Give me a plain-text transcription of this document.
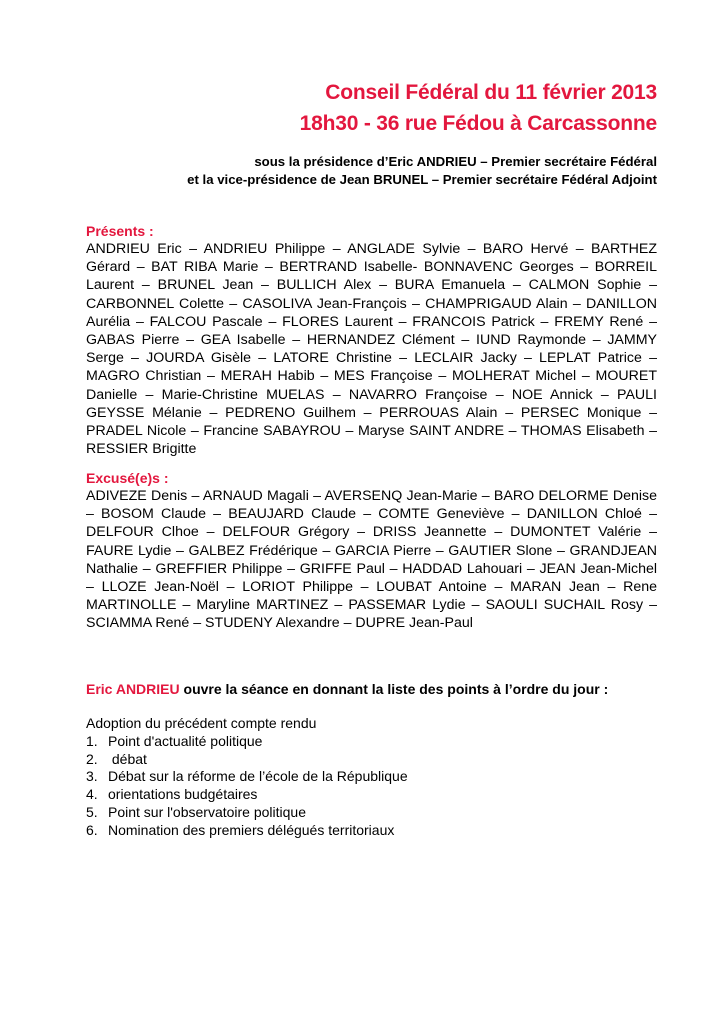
Conseil Fédéral du 11 février 2013
18h30 - 36 rue Fédou à Carcassonne
sous la présidence d’Eric ANDRIEU – Premier secrétaire Fédéral
et la vice-présidence de Jean BRUNEL – Premier secrétaire Fédéral Adjoint
Présents :
ANDRIEU Eric – ANDRIEU Philippe – ANGLADE Sylvie – BARO Hervé – BARTHEZ Gérard – BAT RIBA Marie – BERTRAND Isabelle- BONNAVENC Georges – BORREIL Laurent – BRUNEL Jean – BULLICH Alex – BURA Emanuela – CALMON Sophie – CARBONNEL Colette – CASOLIVA Jean-François – CHAMPRIGAUD Alain – DANILLON Aurélia – FALCOU Pascale – FLORES Laurent – FRANCOIS Patrick – FREMY René – GABAS Pierre – GEA Isabelle – HERNANDEZ Clément – IUND Raymonde – JAMMY Serge – JOURDA Gisèle – LATORE Christine – LECLAIR Jacky – LEPLAT Patrice – MAGRO Christian – MERAH Habib – MES Françoise – MOLHERAT Michel – MOURET Danielle – Marie-Christine MUELAS – NAVARRO Françoise – NOE Annick – PAULI GEYSSE Mélanie – PEDRENO Guilhem – PERROUAS Alain – PERSEC Monique – PRADEL Nicole – Francine SABAYROU – Maryse SAINT ANDRE – THOMAS Elisabeth – RESSIER Brigitte
Excusé(e)s :
ADIVEZE Denis – ARNAUD Magali – AVERSENQ Jean-Marie – BARO DELORME Denise – BOSOM Claude – BEAUJARD Claude – COMTE Geneviève – DANILLON Chloé – DELFOUR Clhoe – DELFOUR Grégory – DRISS Jeannette – DUMONTET Valérie – FAURE Lydie – GALBEZ Frédérique – GARCIA Pierre – GAUTIER Slone – GRANDJEAN Nathalie – GREFFIER Philippe – GRIFFE Paul – HADDAD Lahouari – JEAN Jean-Michel – LLOZE Jean-Noël – LORIOT Philippe – LOUBAT Antoine – MARAN Jean – Rene MARTINOLLE – Maryline MARTINEZ – PASSEMAR Lydie – SAOULI SUCHAIL Rosy – SCIAMMA René – STUDENY Alexandre – DUPRE Jean-Paul
Eric ANDRIEU ouvre la séance en donnant la liste des points à l’ordre du jour :
Adoption du précédent compte rendu
1. Point d'actualité politique
2. débat
3. Débat sur la réforme de l’école de la République
4. orientations budgétaires
5. Point sur l'observatoire politique
6. Nomination des premiers délégués territoriaux
